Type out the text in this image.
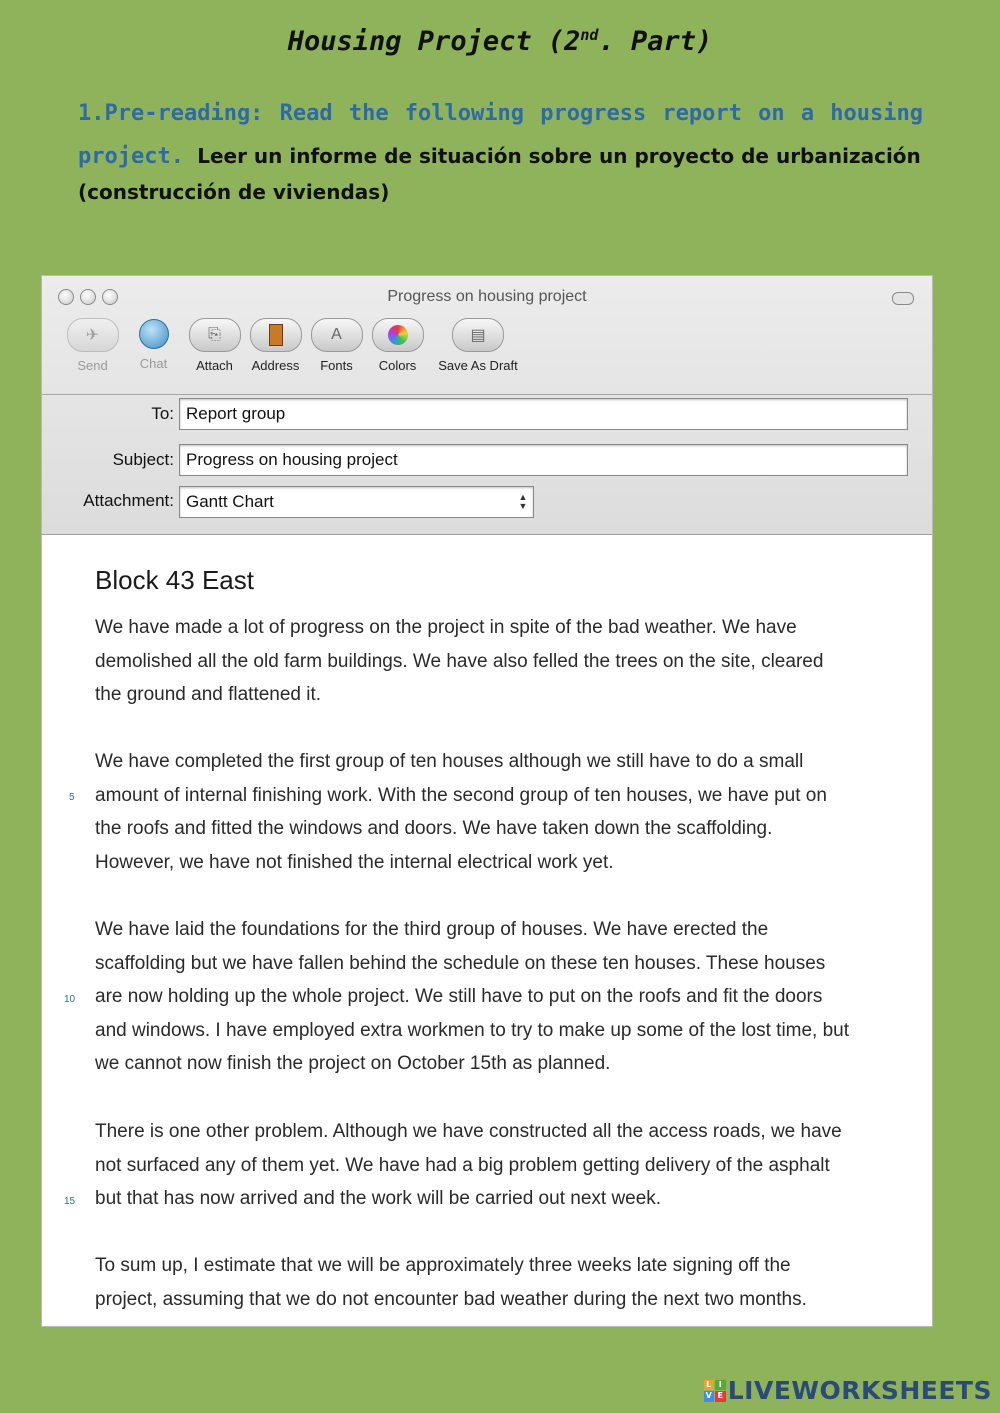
Housing Project (2nd. Part)
1.Pre-reading: Read the following progress report on a housing project. Leer un informe de situación sobre un proyecto de urbanización
(construcción de viviendas)
Progress on housing project
✈
Send	Chat
⎘
Attach	Address
A
Fonts	Colors
▤
Save As Draft
To: Report group
Subject: Progress on housing project
Attachment: Gantt Chart	▲
▼
Block 43 East
We have made a lot of progress on the project in spite of the bad weather. We have demolished all the old farm buildings. We have also felled the trees on the site, cleared the ground and flattened it.
We have completed the first group of ten houses although we still have to do a small amount of internal finishing work. With the second group of ten houses, we have put on the roofs and fitted the windows and doors. We have taken down the scaffolding. However, we have not finished the internal electrical work yet.
We have laid the foundations for the third group of houses. We have erected the scaffolding but we have fallen behind the schedule on these ten houses. These houses are now holding up the whole project. We still have to put on the roofs and fit the doors and windows. I have employed extra workmen to try to make up some of the lost time, but we cannot now finish the project on October 15th as planned.
There is one other problem. Although we have constructed all the access roads, we have not surfaced any of them yet. We have had a big problem getting delivery of the asphalt but that has now arrived and the work will be carried out next week.
To sum up, I estimate that we will be approximately three weeks late signing off the project, assuming that we do not encounter bad weather during the next two months.
5
10
15
L I
V E LIVEWORKSHEETS
